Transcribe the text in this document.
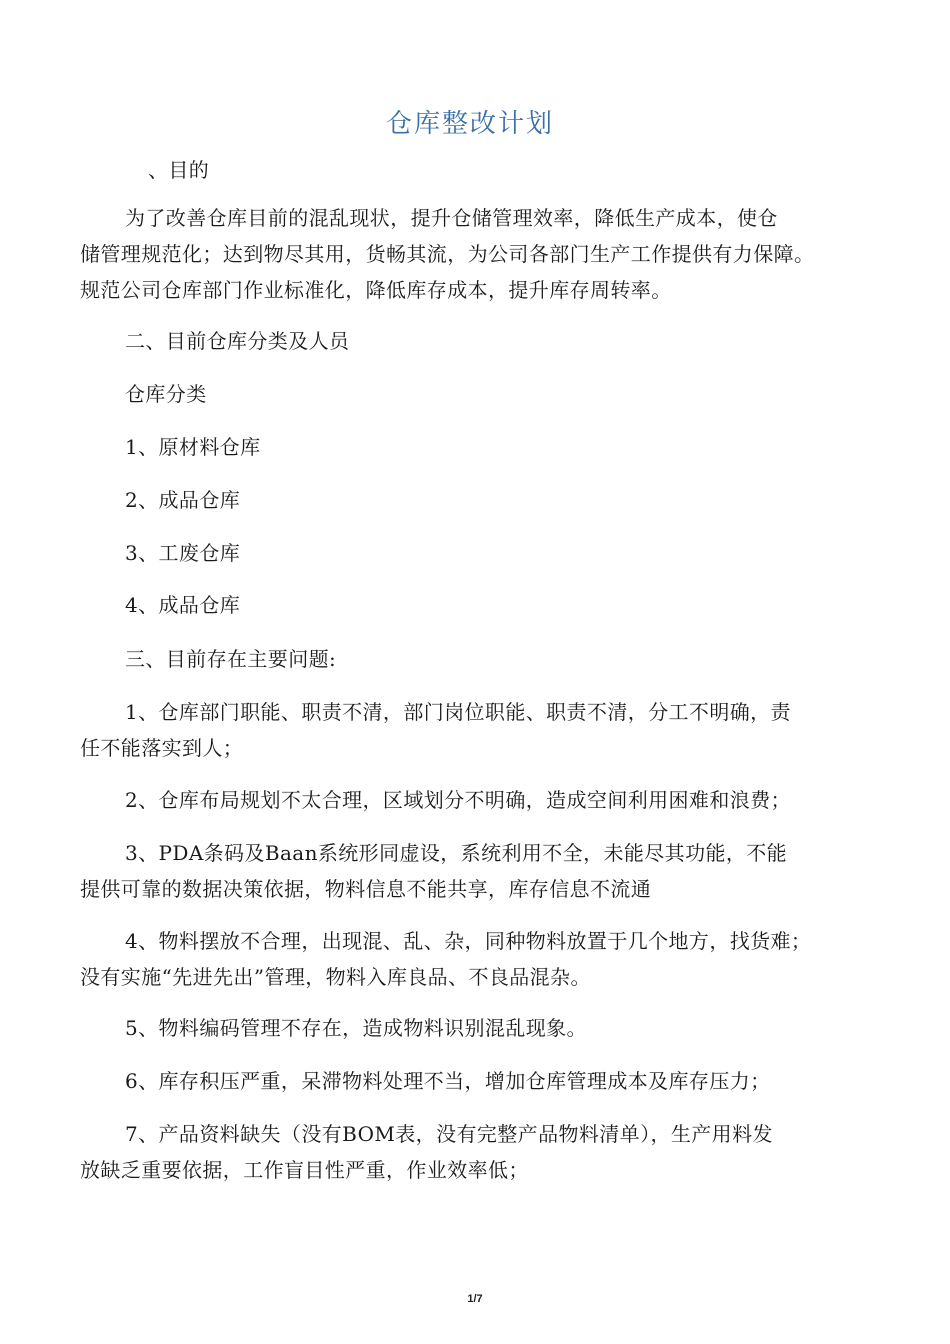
仓库整改计划
、目的
为了改善仓库目前的混乱现状，提升仓储管理效率，降低生产成本，使仓
储管理规范化；达到物尽其用，货畅其流，为公司各部门生产工作提供有力保障。
规范公司仓库部门作业标准化，降低库存成本，提升库存周转率。
二、目前仓库分类及人员
仓库分类
1、原材料仓库
2、成品仓库
3、工废仓库
4、成品仓库
三、目前存在主要问题:
1、仓库部门职能、职责不清，部门岗位职能、职责不清，分工不明确，责
任不能落实到人；
2、仓库布局规划不太合理，区域划分不明确，造成空间利用困难和浪费；
3、PDA条码及Baan系统形同虚设，系统利用不全，未能尽其功能，不能
提供可靠的数据决策依据，物料信息不能共享，库存信息不流通
4、物料摆放不合理，出现混、乱、杂，同种物料放置于几个地方，找货难；
没有实施“先进先出”管理，物料入库良品、不良品混杂。
5、物料编码管理不存在，造成物料识别混乱现象。
6、库存积压严重，呆滞物料处理不当，增加仓库管理成本及库存压力；
7、产品资料缺失（没有BOM表，没有完整产品物料清单），生产用料发
放缺乏重要依据，工作盲目性严重，作业效率低；
1/7
